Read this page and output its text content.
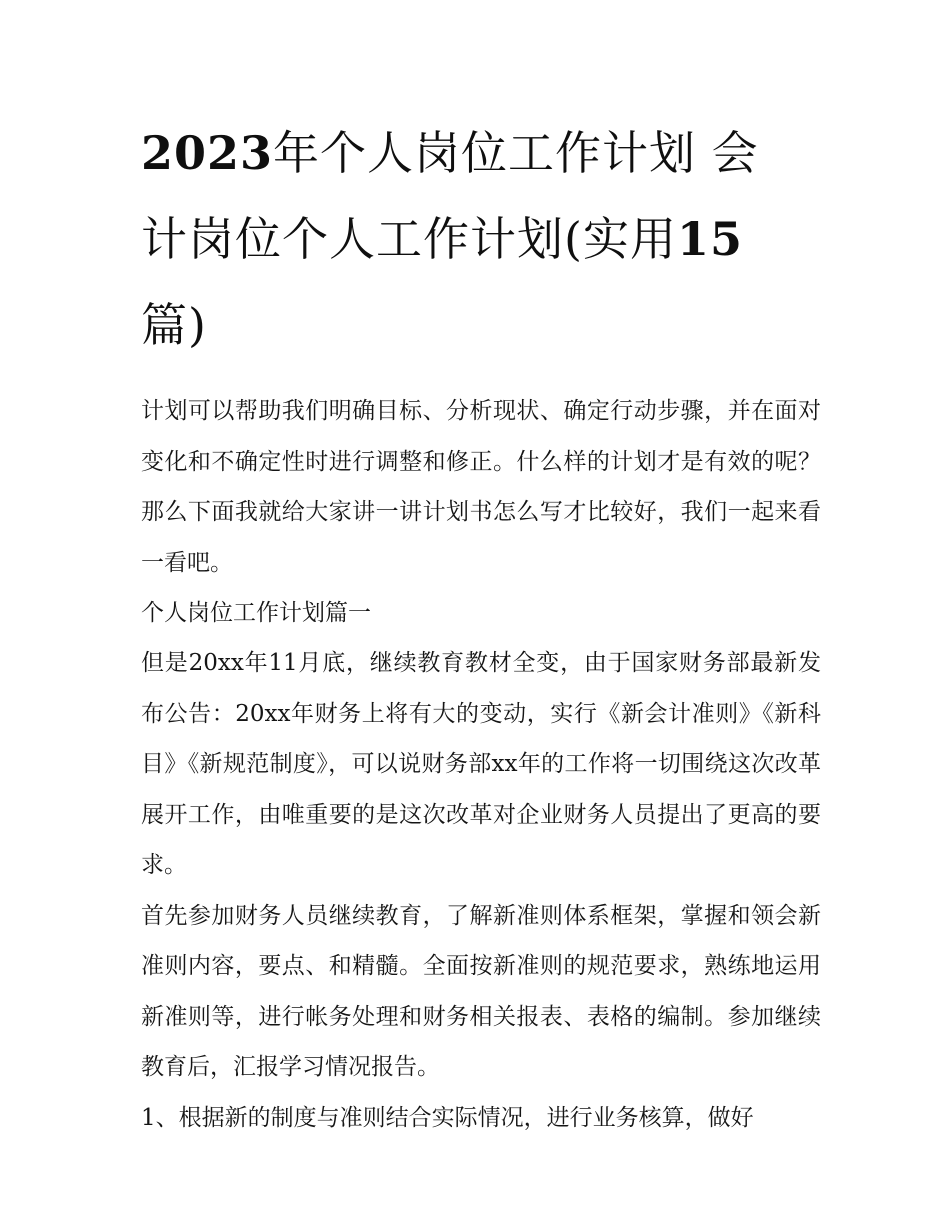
2023年个人岗位工作计划 会
计岗位个人工作计划(实用15
篇)

计划可以帮助我们明确目标、分析现状、确定行动步骤，并在面对变化和不确定性时进行调整和修正。什么样的计划才是有效的呢？那么下面我就给大家讲一讲计划书怎么写才比较好，我们一起来看一看吧。

个人岗位工作计划篇一

但是20xx年11月底，继续教育教材全变，由于国家财务部最新发布公告：20xx年财务上将有大的变动，实行《新会计准则》《新科目》《新规范制度》，可以说财务部xx年的工作将一切围绕这次改革展开工作，由唯重要的是这次改革对企业财务人员提出了更高的要求。

首先参加财务人员继续教育，了解新准则体系框架，掌握和领会新准则内容，要点、和精髓。全面按新准则的规范要求，熟练地运用新准则等，进行帐务处理和财务相关报表、表格的编制。参加继续教育后，汇报学习情况报告。

1、根据新的制度与准则结合实际情况，进行业务核算，做好
